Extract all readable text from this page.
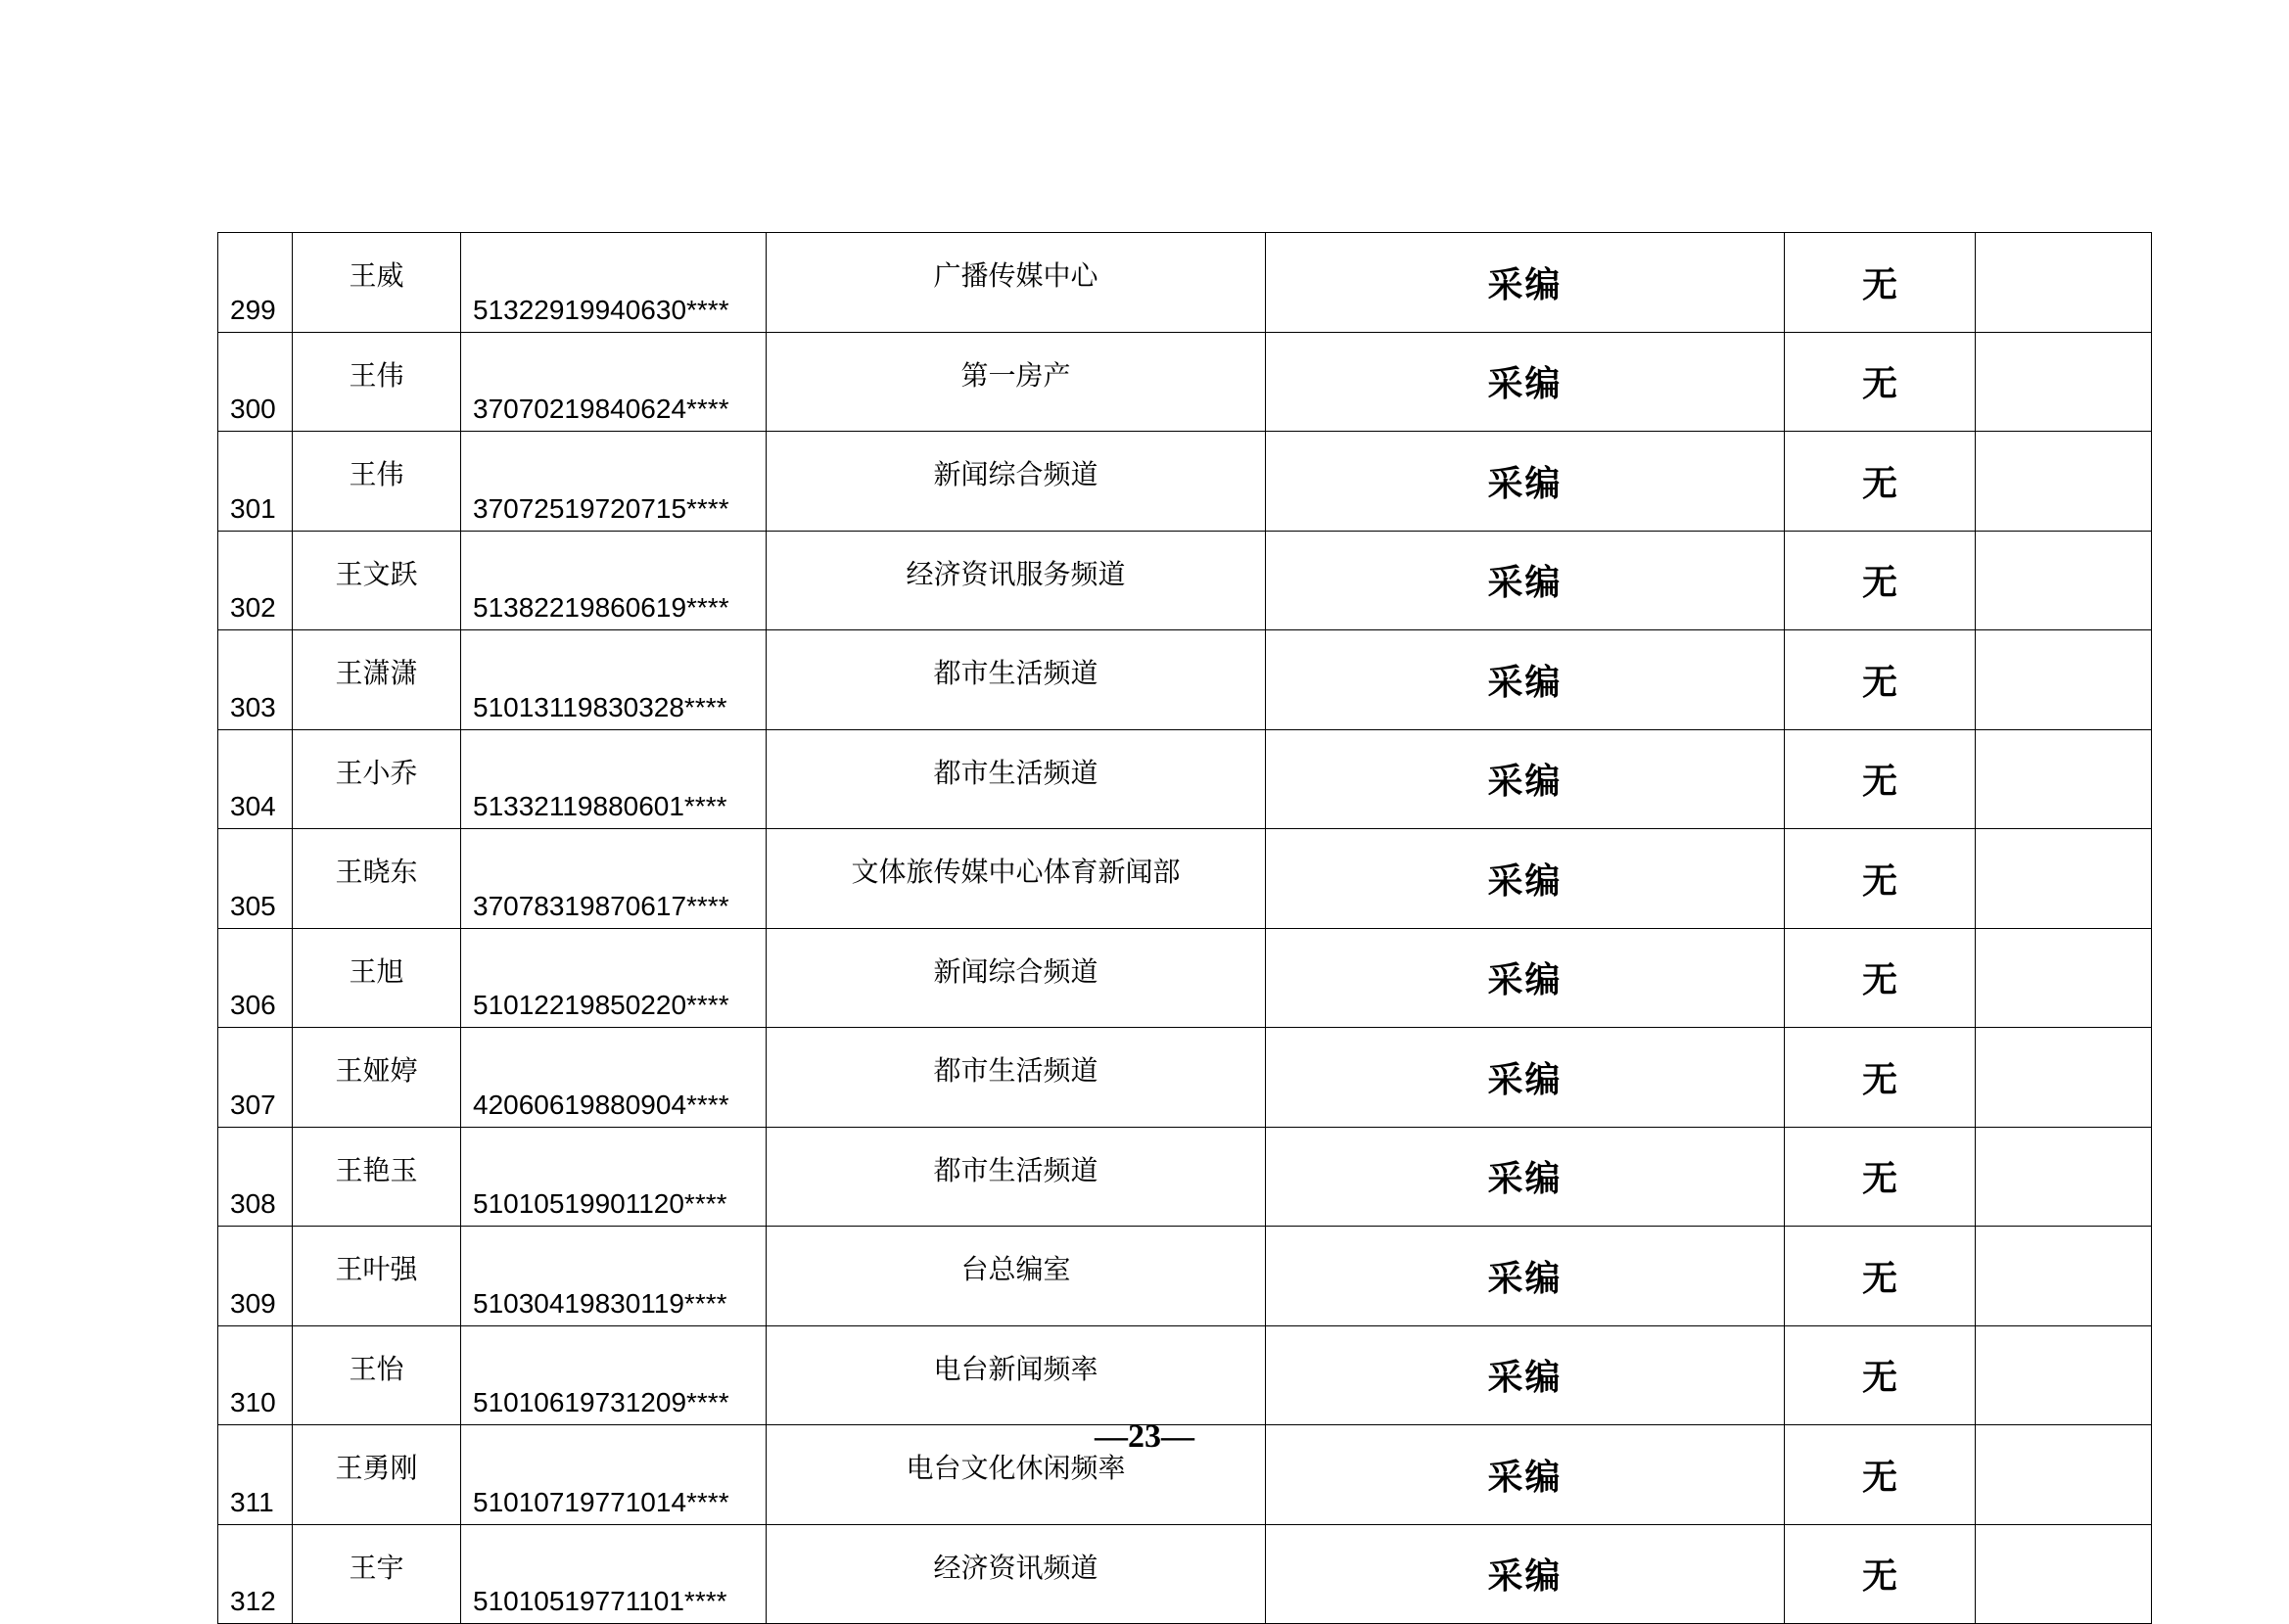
299	王威	51322919940630****	广播传媒中心	采编	无	
300	王伟	37070219840624****	第一房产	采编	无	
301	王伟	37072519720715****	新闻综合频道	采编	无	
302	王文跃	51382219860619****	经济资讯服务频道	采编	无	
303	王潇潇	51013119830328****	都市生活频道	采编	无	
304	王小乔	51332119880601****	都市生活频道	采编	无	
305	王晓东	37078319870617****	文体旅传媒中心体育新闻部	采编	无	
306	王旭	51012219850220****	新闻综合频道	采编	无	
307	王娅婷	42060619880904****	都市生活频道	采编	无	
308	王艳玉	51010519901120****	都市生活频道	采编	无	
309	王叶强	51030419830119****	台总编室	采编	无	
310	王怡	51010619731209****	电台新闻频率	采编	无	
311	王勇刚	51010719771014****	电台文化休闲频率	采编	无	
312	王宇	51010519771101****	经济资讯频道	采编	无	
—23—
